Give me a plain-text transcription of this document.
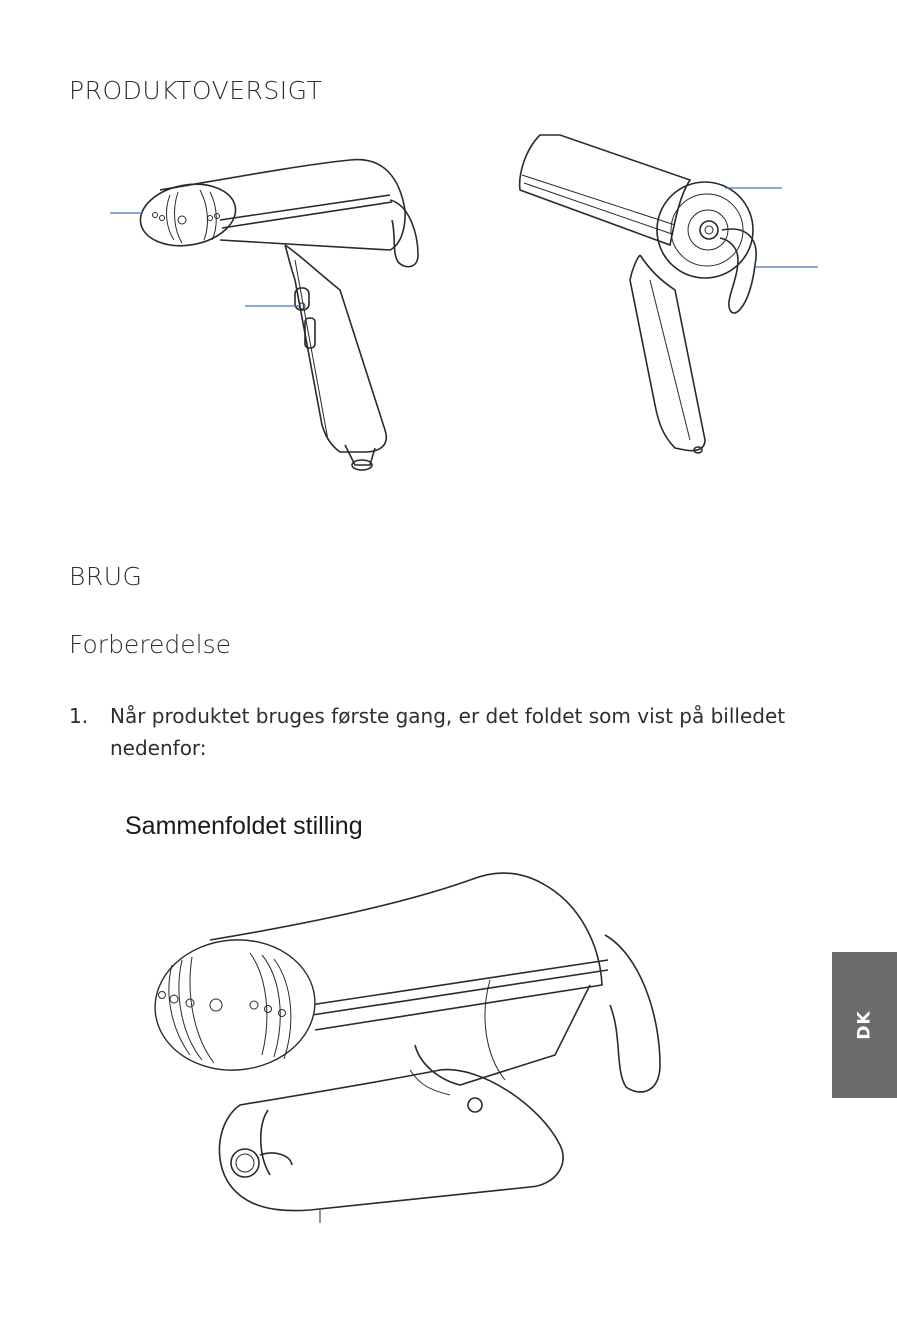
PRODUKTOVERSIGT
BRUG
Forberedelse
1. Når produktet bruges første gang, er det foldet som vist på billedet nedenfor:
Sammenfoldet stilling
DK
